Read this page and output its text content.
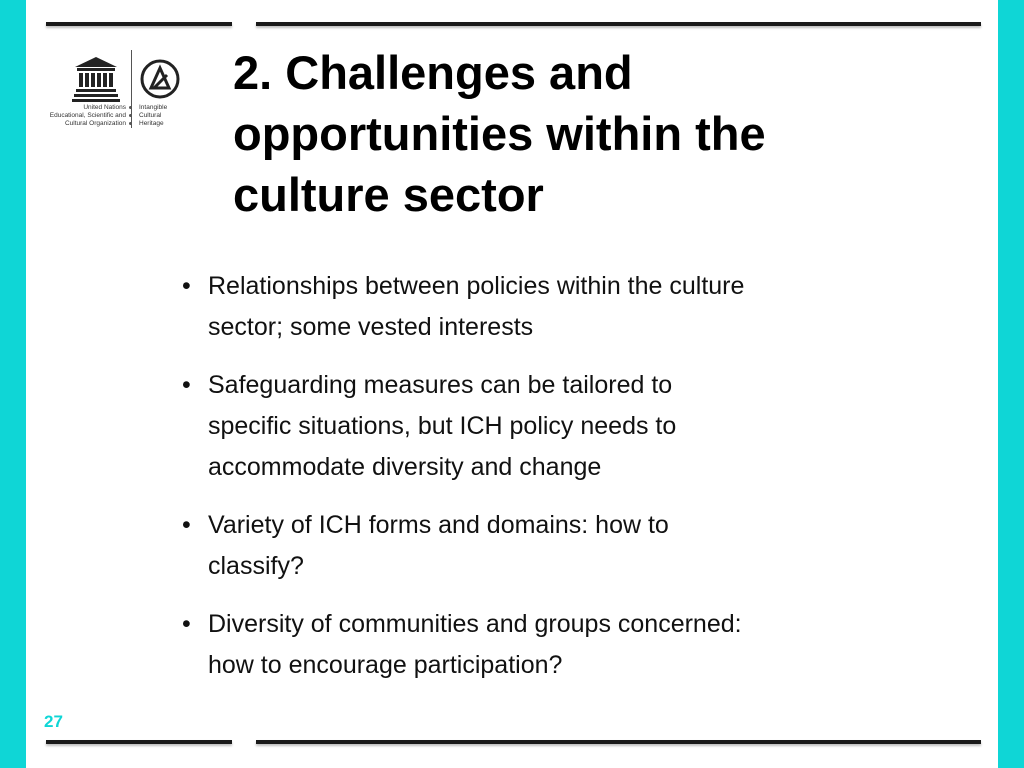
United Nations
Educational, Scientific and
Cultural Organization
Intangible
Cultural
Heritage
2. Challenges and
opportunities within the
culture sector
• Relationships between policies within the culture
sector; some vested interests
• Safeguarding measures can be tailored to
specific situations, but ICH policy needs to
accommodate diversity and change
• Variety of ICH forms and domains: how to
classify?
• Diversity of communities and groups concerned:
how to encourage participation?
27
